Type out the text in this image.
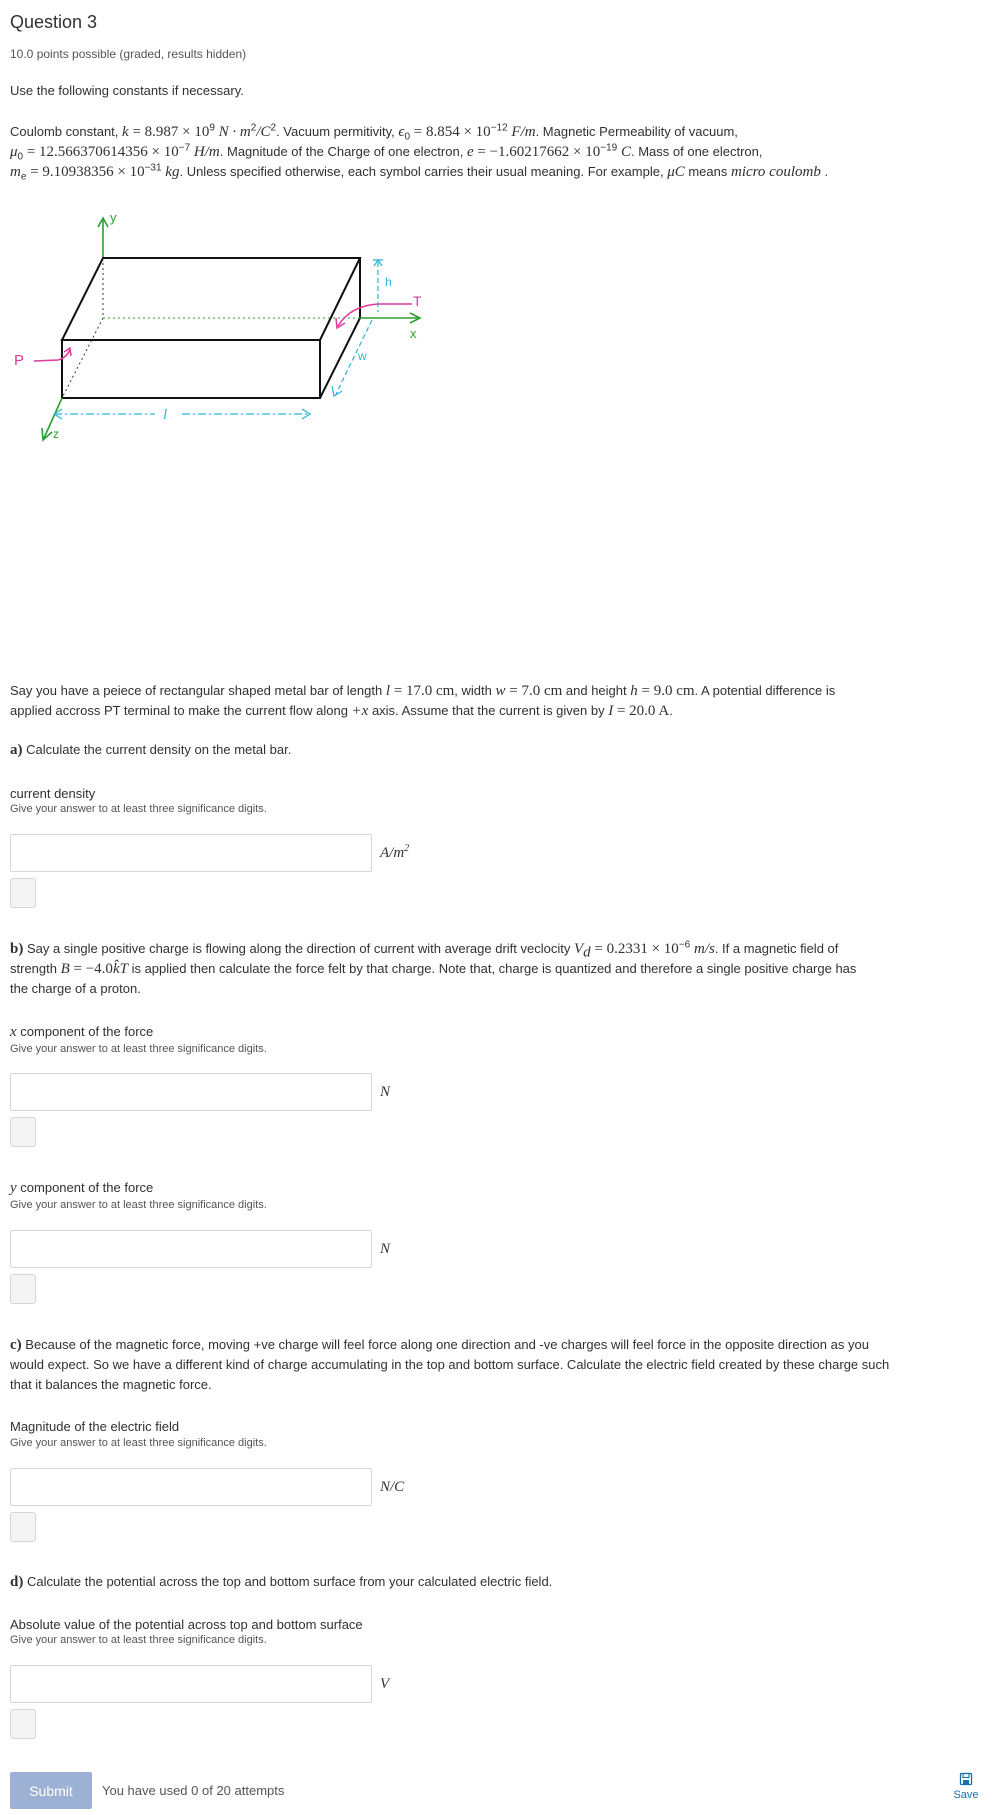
Question 3
10.0 points possible (graded, results hidden)
Use the following constants if necessary.
Coulomb constant, $k = 8.987 \times 10^9$ $N \cdot m^2/C^2$. Vacuum permitivity, $\epsilon_0 = 8.854 \times 10^{-12}$ F/m. Magnetic Permeability of vacuum,
$\mu_0 = 12.566370614356 \times 10^{-7}$ H/m. Magnitude of the Charge of one electron, $e = -1.60217662 \times 10^{-19}$ C. Mass of one electron,
$m_e = 9.10938356 \times 10^{-31}$ kg. Unless specified otherwise, each symbol carries their usual meaning. For example, μC means micro coulomb .
y
z
x
P
T
h
w
l
Say you have a peiece of rectangular shaped metal bar of length l = 17.0 cm, width w = 7.0 cm and height h = 9.0 cm. A potential difference is
applied accross PT terminal to make the current flow along +x axis. Assume that the current is given by I = 20.0 A.
a) Calculate the current density on the metal bar.
current density
Give your answer to at least three significance digits.
$A/m^2$
b) Say a single positive charge is flowing along the direction of current with average drift veclocity $V_d = 0.2331 \times 10^{-6}$ m/s. If a magnetic field of
strength B = −4.0k̂T is applied then calculate the force felt by that charge. Note that, charge is quantized and therefore a single positive charge has
the charge of a proton.
x component of the force
Give your answer to at least three significance digits.
N
y component of the force
Give your answer to at least three significance digits.
N
c) Because of the magnetic force, moving +ve charge will feel force along one direction and -ve charges will feel force in the opposite direction as you
would expect. So we have a different kind of charge accumulating in the top and bottom surface. Calculate the electric field created by these charge such
that it balances the magnetic force.
Magnitude of the electric field
Give your answer to at least three significance digits.
N/C
d) Calculate the potential across the top and bottom surface from your calculated electric field.
Absolute value of the potential across top and bottom surface
Give your answer to at least three significance digits.
V
Submit	You have used 0 of 20 attempts	Save
